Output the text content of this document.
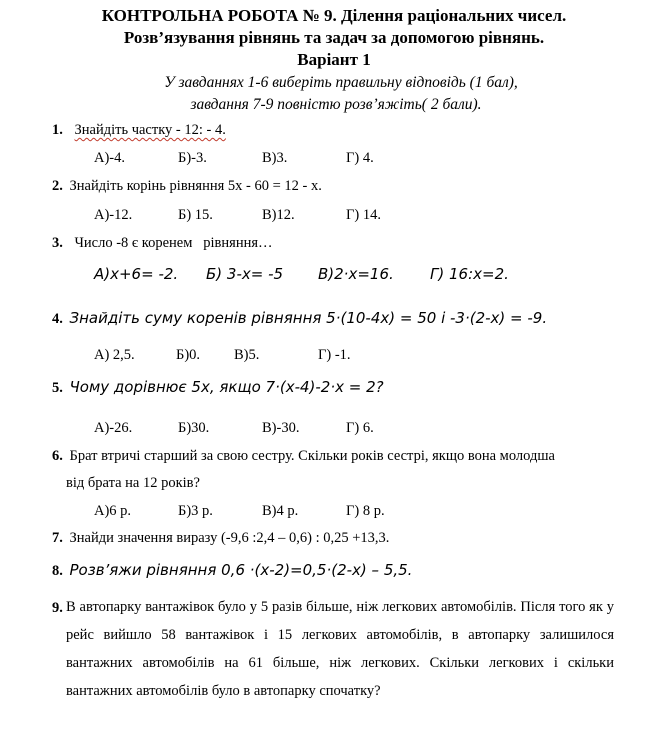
КОНТРОЛЬНА РОБОТА № 9. Ділення раціональних чисел.
Розв’язування рівнянь та задач за допомогою рівнянь.
Варіант 1
У завданнях 1-6 виберіть правильну відповідь (1 бал),
завдання 7-9 повністю розв’яжіть( 2 бали).
1. Знайдіть частку - 12: - 4.
А)-4.	Б)-3.	В)3.	Г) 4.
2. Знайдіть корінь рівняння 5х - 60 = 12 - х.
А)-12.	Б) 15.	В)12.	Г) 14.
3. Число -8 є коренем   рівняння…
А)х+6= -2. Б) 3-х= -5 В)2·х=16. Г) 16:х=2.
4. Знайдіть суму коренів рівняння 5·(10-4х) = 50 і -3·(2-х) = -9.
А) 2,5.	Б)0. В)5.	Г) -1.
5. Чому дорівнює 5х, якщо 7·(х-4)-2·х = 2?
А)-26.	Б)30.	В)-30.	Г) 6.
6. Брат втричі старший за свою сестру. Скільки років сестрі, якщо вона молодша
від брата на 12 років?
А)6 р.	Б)3 р.	В)4 р.	Г) 8 р.
7. Знайди значення виразу (-9,6 :2,4 – 0,6) : 0,25 +13,3.
8. Розв’яжи рівняння 0,6 ·(х-2)=0,5·(2-х) – 5,5.
9. В автопарку вантажівок було у 5 разів більше, ніж легкових автомобілів. Після того як у рейс вийшло 58 вантажівок і 15 легкових автомобілів, в автопарку залишилося вантажних автомобілів на 61 більше, ніж легкових. Скільки легкових і скільки вантажних автомобілів було в автопарку спочатку?
